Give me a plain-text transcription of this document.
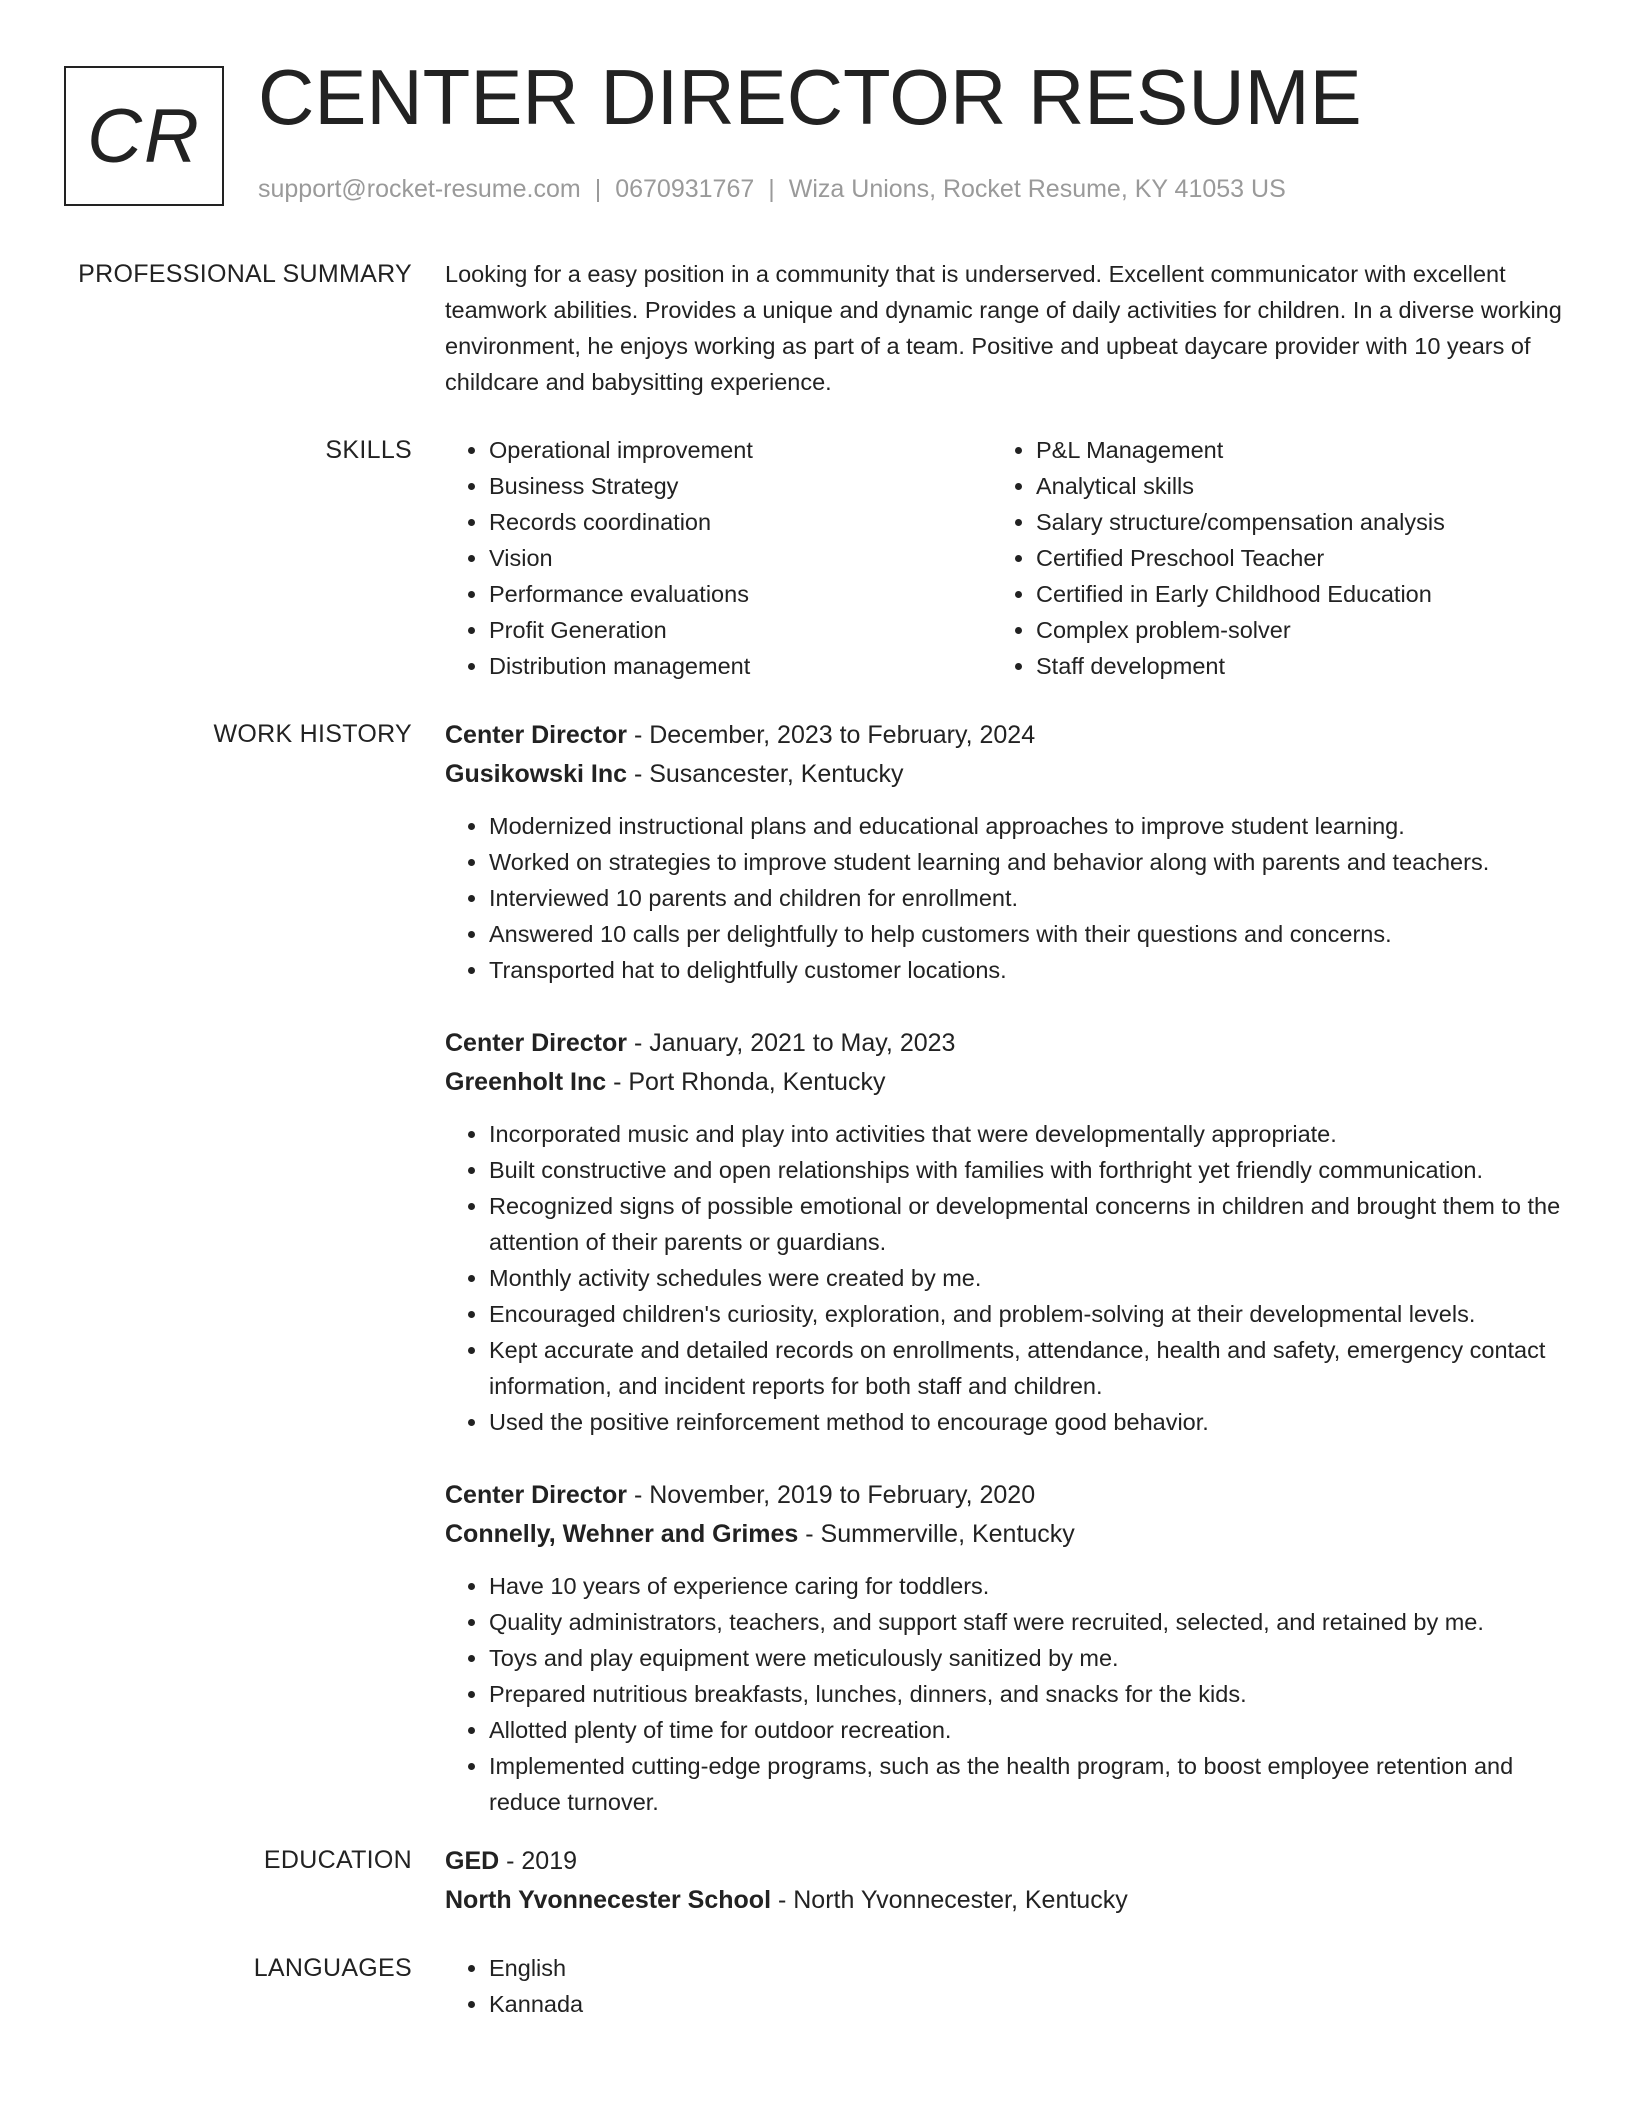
CR CENTER DIRECTOR RESUME
support@rocket-resume.com | 0670931767 | Wiza Unions, Rocket Resume, KY 41053 US
PROFESSIONAL SUMMARY Looking for a easy position in a community that is underserved. Excellent communicator with excellent teamwork abilities. Provides a unique and dynamic range of daily activities for children. In a diverse working environment, he enjoys working as part of a team. Positive and upbeat daycare provider with 10 years of childcare and babysitting experience.

SKILLS	• Operational improvement
• Business Strategy
• Records coordination
• Vision
• Performance evaluations
• Profit Generation
• Distribution management
• P&L Management
• Analytical skills
• Salary structure/compensation analysis
• Certified Preschool Teacher
• Certified in Early Childhood Education
• Complex problem-solver
• Staff development
WORK HISTORY Center Director - December, 2023 to February, 2024
Gusikowski Inc - Susancester, Kentucky
• Modernized instructional plans and educational approaches to improve student learning.
• Worked on strategies to improve student learning and behavior along with parents and teachers.
• Interviewed 10 parents and children for enrollment.
• Answered 10 calls per delightfully to help customers with their questions and concerns.
• Transported hat to delightfully customer locations.
Center Director - January, 2021 to May, 2023
Greenholt Inc - Port Rhonda, Kentucky
• Incorporated music and play into activities that were developmentally appropriate.
• Built constructive and open relationships with families with forthright yet friendly communication.
• Recognized signs of possible emotional or developmental concerns in children and brought them to the attention of their parents or guardians.
• Monthly activity schedules were created by me.
• Encouraged children's curiosity, exploration, and problem-solving at their developmental levels.
• Kept accurate and detailed records on enrollments, attendance, health and safety, emergency contact information, and incident reports for both staff and children.
• Used the positive reinforcement method to encourage good behavior.
Center Director - November, 2019 to February, 2020
Connelly, Wehner and Grimes - Summerville, Kentucky
• Have 10 years of experience caring for toddlers.
• Quality administrators, teachers, and support staff were recruited, selected, and retained by me.
• Toys and play equipment were meticulously sanitized by me.
• Prepared nutritious breakfasts, lunches, dinners, and snacks for the kids.
• Allotted plenty of time for outdoor recreation.
• Implemented cutting-edge programs, such as the health program, to boost employee retention and reduce turnover.
EDUCATION GED - 2019
North Yvonnecester School - North Yvonnecester, Kentucky
LANGUAGES	• English
• Kannada
